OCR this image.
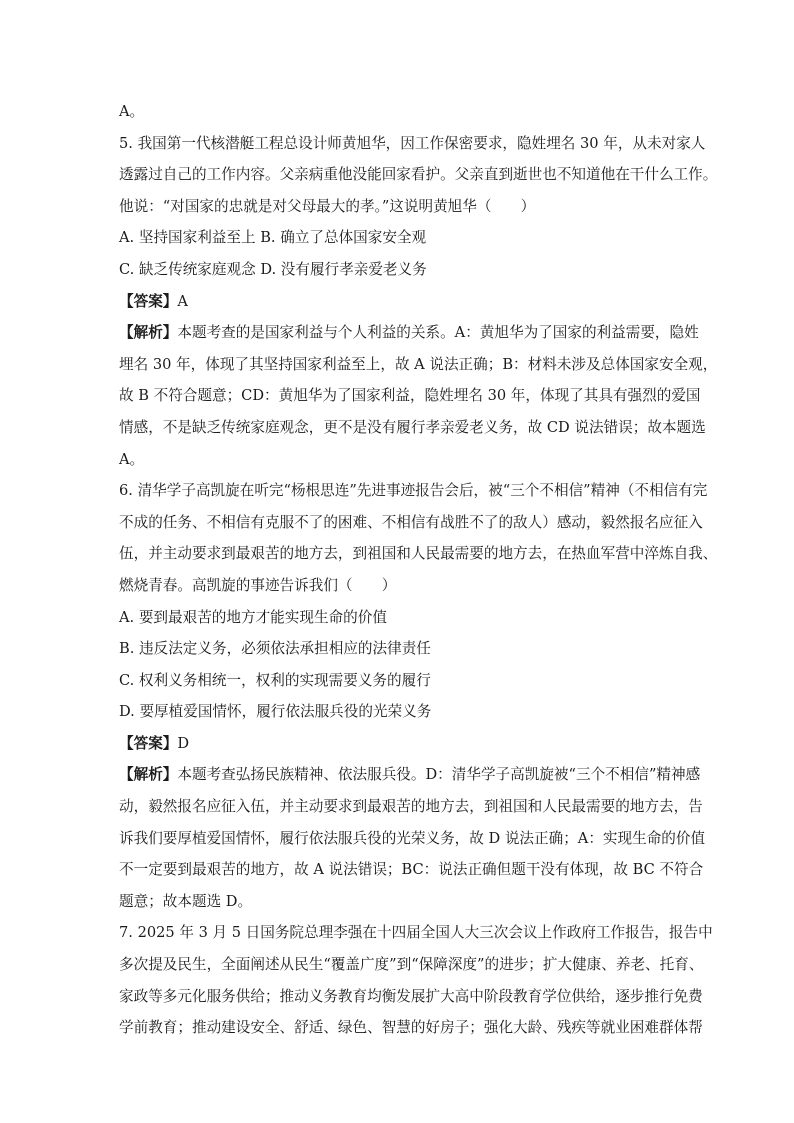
A。

5. 我国第一代核潜艇工程总设计师黄旭华，因工作保密要求，隐姓埋名 30 年，从未对家人

透露过自己的工作内容。父亲病重他没能回家看护。父亲直到逝世也不知道他在干什么工作。

他说：“对国家的忠就是对父母最大的孝。”这说明黄旭华（　　）

A. 坚持国家利益至上 B. 确立了总体国家安全观

C. 缺乏传统家庭观念 D. 没有履行孝亲爱老义务

【答案】A

【解析】本题考查的是国家利益与个人利益的关系。A：黄旭华为了国家的利益需要，隐姓

埋名 30 年，体现了其坚持国家利益至上，故 A 说法正确；B：材料未涉及总体国家安全观，

故 B 不符合题意；CD：黄旭华为了国家利益，隐姓埋名 30 年，体现了其具有强烈的爱国

情感，不是缺乏传统家庭观念，更不是没有履行孝亲爱老义务，故 CD 说法错误；故本题选

A。

6. 清华学子高凯旋在听完“杨根思连”先进事迹报告会后，被“三个不相信”精神（不相信有完

不成的任务、不相信有克服不了的困难、不相信有战胜不了的敌人）感动，毅然报名应征入

伍，并主动要求到最艰苦的地方去，到祖国和人民最需要的地方去，在热血军营中淬炼自我、

燃烧青春。高凯旋的事迹告诉我们（　　）

A. 要到最艰苦的地方才能实现生命的价值

B. 违反法定义务，必须依法承担相应的法律责任

C. 权利义务相统一，权利的实现需要义务的履行

D. 要厚植爱国情怀，履行依法服兵役的光荣义务

【答案】D

【解析】本题考查弘扬民族精神、依法服兵役。D：清华学子高凯旋被“三个不相信”精神感

动，毅然报名应征入伍，并主动要求到最艰苦的地方去，到祖国和人民最需要的地方去，告

诉我们要厚植爱国情怀，履行依法服兵役的光荣义务，故 D 说法正确；A：实现生命的价值

不一定要到最艰苦的地方，故 A 说法错误；BC：说法正确但题干没有体现，故 BC 不符合

题意；故本题选 D。

7. 2025 年 3 月 5 日国务院总理李强在十四届全国人大三次会议上作政府工作报告，报告中

多次提及民生，全面阐述从民生“覆盖广度”到“保障深度”的进步；扩大健康、养老、托育、

家政等多元化服务供给；推动义务教育均衡发展扩大高中阶段教育学位供给，逐步推行免费

学前教育；推动建设安全、舒适、绿色、智慧的好房子；强化大龄、残疾等就业困难群体帮
